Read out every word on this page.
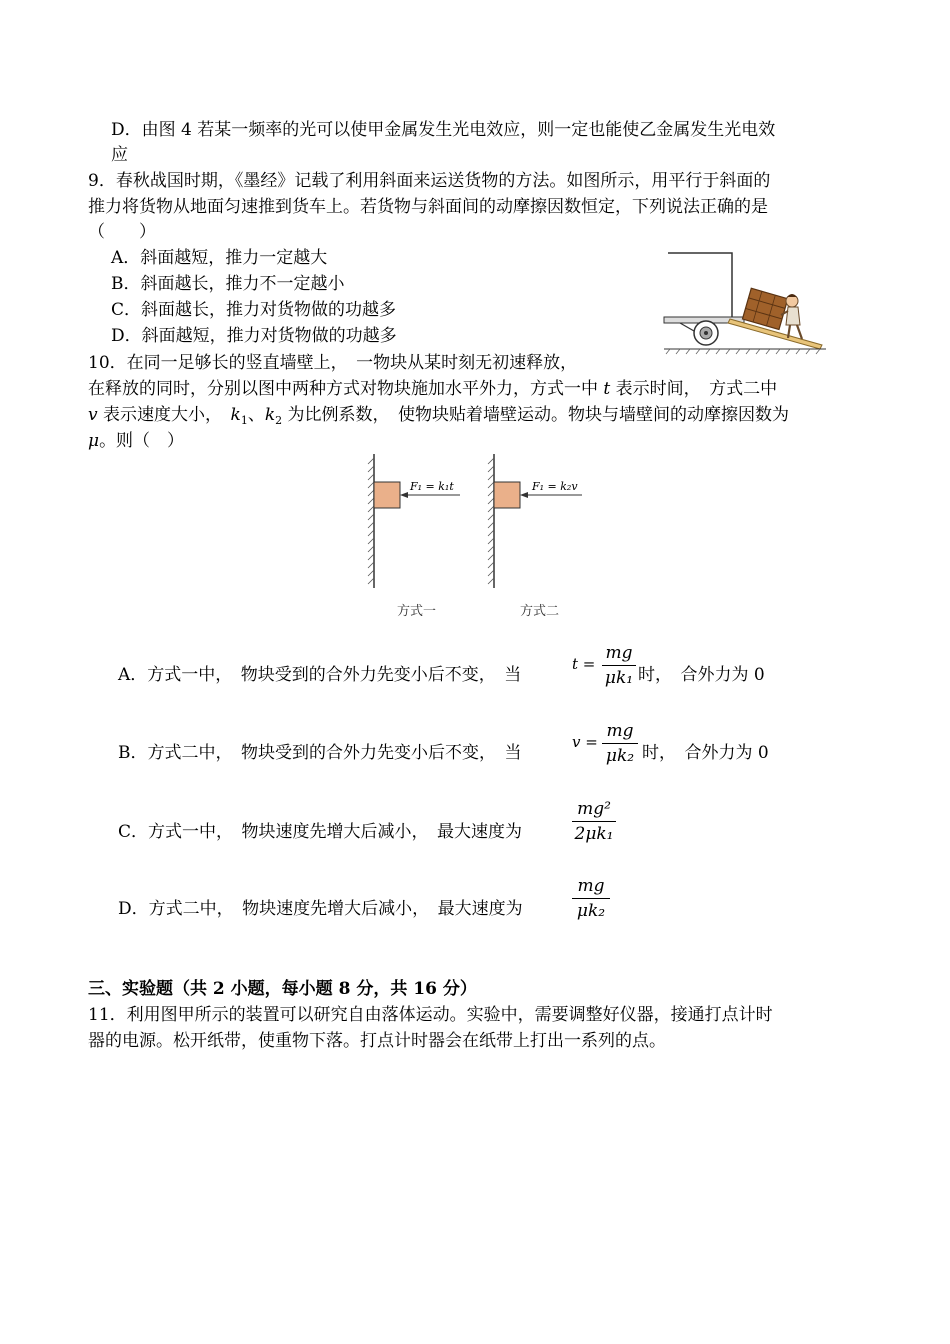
D．由图 4 若某一频率的光可以使甲金属发生光电效应，则一定也能使乙金属发生光电效
应
9．春秋战国时期，《墨经》记载了利用斜面来运送货物的方法。如图所示，用平行于斜面的
推力将货物从地面匀速推到货车上。若货物与斜面间的动摩擦因数恒定，下列说法正确的是
（　　）
A．斜面越短，推力一定越大
B．斜面越长，推力不一定越小
C．斜面越长，推力对货物做的功越多
D．斜面越短，推力对货物做的功越多
10．在同一足够长的竖直墙壁上，　一物块从某时刻无初速释放，
在释放的同时，分别以图中两种方式对物块施加水平外力，方式一中 t 表示时间，　方式二中
v 表示速度大小，　$k_1$、$k_2$ 为比例系数，　使物块贴着墙壁运动。物块与墙壁间的动摩擦因数为
μ。则（　）
F₁ = k₁t	F₁ = k₂v
方式一	方式二
A．方式一中，　物块受到的合外力先变小后不变，　当
t =
mg
μk₁ 时，　合外力为 0
B．方式二中，　物块受到的合外力先变小后不变，　当
v =
mg
μk₂ 时，　合外力为 0
C．方式一中，　物块速度先增大后减小，　最大速度为
mg²
2μk₁
D．方式二中，　物块速度先增大后减小，　最大速度为
mg
μk₂
三、实验题（共 2 小题，每小题 8 分，共 16 分）
11．利用图甲所示的装置可以研究自由落体运动。实验中，需要调整好仪器，接通打点计时
器的电源。松开纸带，使重物下落。打点计时器会在纸带上打出一系列的点。
